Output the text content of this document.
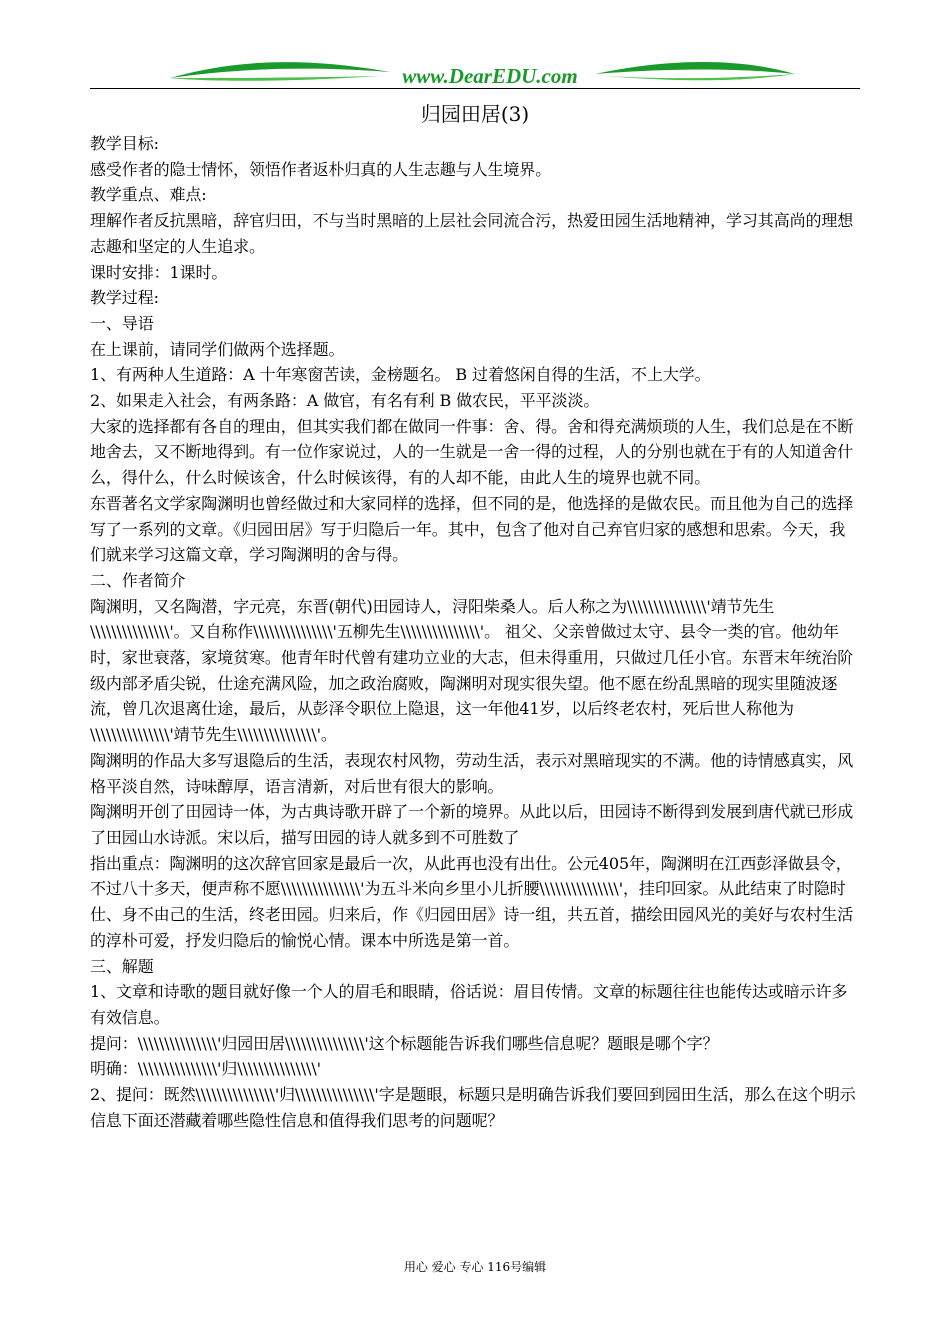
www.DearEDU.com
归园田居(3)

教学目标:

感受作者的隐士情怀，领悟作者返朴归真的人生志趣与人生境界。

教学重点、难点:

理解作者反抗黑暗，辞官归田，不与当时黑暗的上层社会同流合污，热爱田园生活地精神，学习其高尚的理想志趣和坚定的人生追求。

课时安排：1课时。

教学过程:

一、导语

在上课前，请同学们做两个选择题。

1、有两种人生道路：A 十年寒窗苦读，金榜题名。 B 过着悠闲自得的生活，不上大学。

2、如果走入社会，有两条路：A 做官，有名有利 B 做农民，平平淡淡。

大家的选择都有各自的理由，但其实我们都在做同一件事：舍、得。舍和得充满烦琐的人生，我们总是在不断地舍去，又不断地得到。有一位作家说过，人的一生就是一舍一得的过程，人的分别也就在于有的人知道舍什么，得什么，什么时候该舍，什么时候该得，有的人却不能，由此人生的境界也就不同。

东晋著名文学家陶渊明也曾经做过和大家同样的选择，但不同的是，他选择的是做农民。而且他为自己的选择写了一系列的文章。《归园田居》写于归隐后一年。其中，包含了他对自己弃官归家的感想和思索。今天，我们就来学习这篇文章，学习陶渊明的舍与得。

二、作者简介

陶渊明，又名陶潜，字元亮，东晋(朝代)田园诗人，浔阳柴桑人。后人称之为\\\\\\\\\\\\\\\'靖节先生\\\\\\\\\\\\\\\'。又自称作\\\\\\\\\\\\\\\'五柳先生\\\\\\\\\\\\\\\'。 祖父、父亲曾做过太守、县令一类的官。他幼年时，家世衰落，家境贫寒。他青年时代曾有建功立业的大志，但未得重用，只做过几任小官。东晋末年统治阶级内部矛盾尖锐，仕途充满风险，加之政治腐败，陶渊明对现实很失望。他不愿在纷乱黑暗的现实里随波逐流，曾几次退离仕途，最后，从彭泽令职位上隐退，这一年他41岁，以后终老农村，死后世人称他为\\\\\\\\\\\\\\\'靖节先生\\\\\\\\\\\\\\\'。

陶渊明的作品大多写退隐后的生活，表现农村风物，劳动生活，表示对黑暗现实的不满。他的诗情感真实，风格平淡自然，诗味醇厚，语言清新，对后世有很大的影响。

陶渊明开创了田园诗一体，为古典诗歌开辟了一个新的境界。从此以后，田园诗不断得到发展到唐代就已形成了田园山水诗派。宋以后，描写田园的诗人就多到不可胜数了

指出重点：陶渊明的这次辞官回家是最后一次，从此再也没有出仕。公元405年，陶渊明在江西彭泽做县令，不过八十多天，便声称不愿\\\\\\\\\\\\\\\'为五斗米向乡里小儿折腰\\\\\\\\\\\\\\\'，挂印回家。从此结束了时隐时仕、身不由己的生活，终老田园。归来后，作《归园田居》诗一组，共五首，描绘田园风光的美好与农村生活的淳朴可爱，抒发归隐后的愉悦心情。课本中所选是第一首。

三、解题

1、文章和诗歌的题目就好像一个人的眉毛和眼睛，俗话说：眉目传情。文章的标题往往也能传达或暗示许多有效信息。

提问：\\\\\\\\\\\\\\\'归园田居\\\\\\\\\\\\\\\'这个标题能告诉我们哪些信息呢？题眼是哪个字？

明确：\\\\\\\\\\\\\\\'归\\\\\\\\\\\\\\\'

2、提问：既然\\\\\\\\\\\\\\\'归\\\\\\\\\\\\\\\'字是题眼，标题只是明确告诉我们要回到园田生活，那么在这个明示信息下面还潜藏着哪些隐性信息和值得我们思考的问题呢？

用心 爱心 专心 116号编辑
